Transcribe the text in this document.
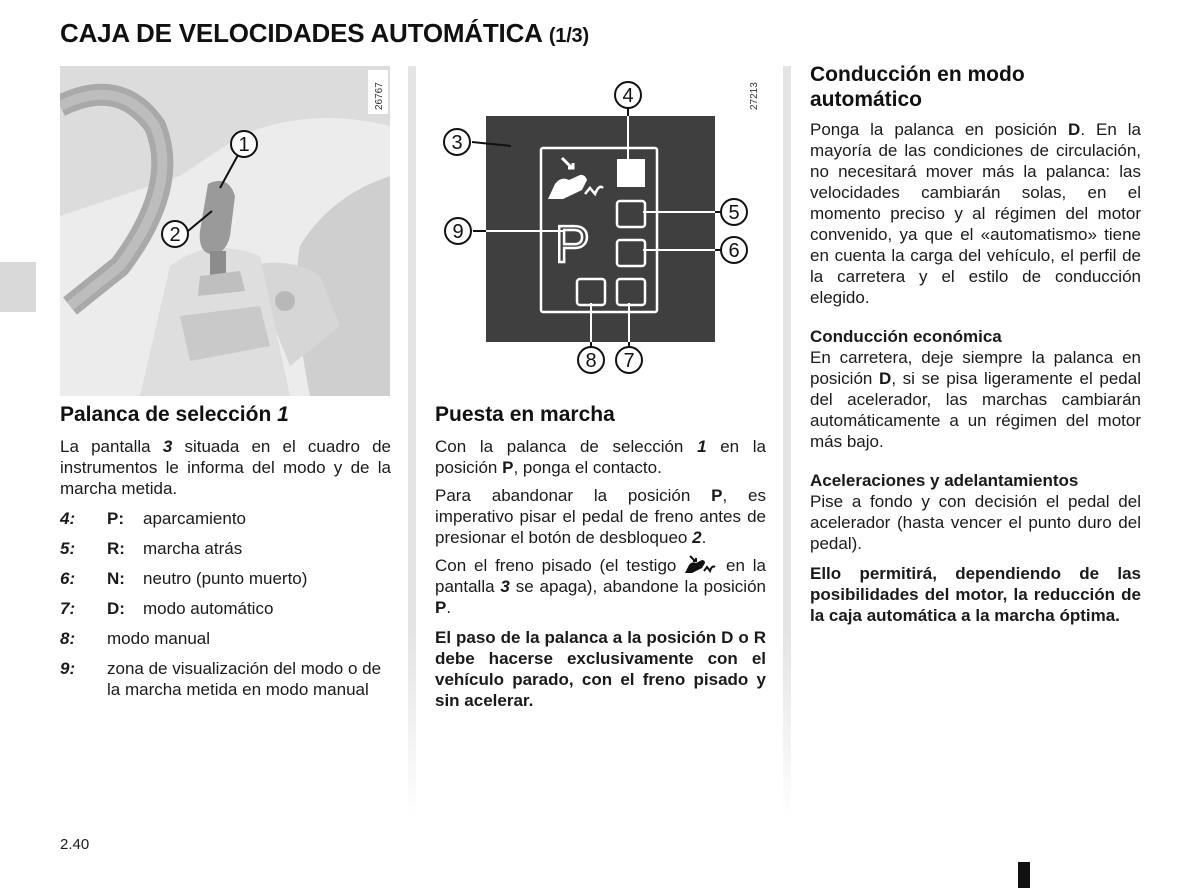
CAJA DE VELOCIDADES AUTOMÁTICA (1/3)
1
2
26767	27213
P
3
4
5
6
7
8
9
Palanca de selección 1

La pantalla 3 situada en el cuadro de instrumentos le informa del modo y de la marcha metida.

4:	P:	aparcamiento
5:	R:	marcha atrás
6:	N:	neutro (punto muerto)
7:	D:	modo automático
8:	modo manual
9:	zona de visualización del modo o de la marcha metida en modo manual
Puesta en marcha

Con la palanca de selección 1 en la posición P, ponga el contacto.

Para abandonar la posición P, es imperativo pisar el pedal de freno antes de presionar el botón de desbloqueo 2.

Con el freno pisado (el testigo  en la pantalla 3 se apaga), abandone la posición P.

El paso de la palanca a la posición D o R debe hacerse exclusivamente con el vehículo parado, con el freno pisado y sin acelerar.

Conducción en modo automático

Ponga la palanca en posición D. En la mayoría de las condiciones de circulación, no necesitará mover más la palanca: las velocidades cambiarán solas, en el momento preciso y al régimen del motor convenido, ya que el «automatismo» tiene en cuenta la carga del vehículo, el perfil de la carretera y el estilo de conducción elegido.

Conducción económica

En carretera, deje siempre la palanca en posición D, si se pisa ligeramente el pedal del acelerador, las marchas cambiarán automáticamente a un régimen del motor más bajo.

Aceleraciones y adelantamientos

Pise a fondo y con decisión el pedal del acelerador (hasta vencer el punto duro del pedal).

Ello permitirá, dependiendo de las posibilidades del motor, la reducción de la caja automática a la marcha óptima.

2.40
